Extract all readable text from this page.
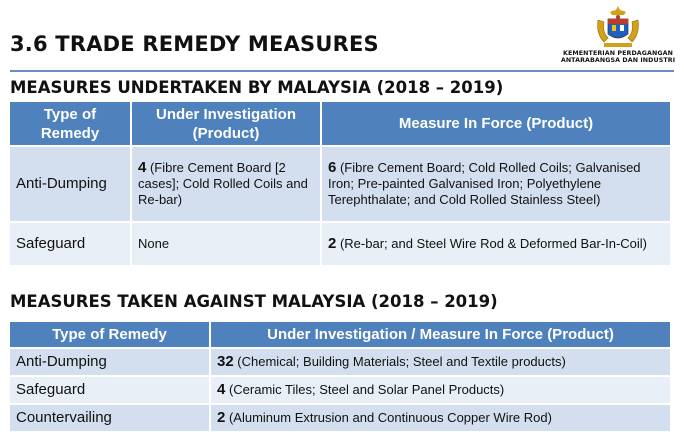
3.6 TRADE REMEDY MEASURES	KEMENTERIAN PERDAGANGAN
ANTARABANGSA DAN INDUSTRI
MEASURES UNDERTAKEN BY MALAYSIA (2018 – 2019)
Type of Remedy	Under Investigation (Product)	Measure In Force (Product)
Anti-Dumping	4 (Fibre Cement Board [2 cases]; Cold Rolled Coils and Re-bar)	6 (Fibre Cement Board; Cold Rolled Coils; Galvanised Iron; Pre-painted Galvanised Iron; Polyethylene Terephthalate; and Cold Rolled Stainless Steel)
Safeguard	None	2 (Re-bar; and Steel Wire Rod & Deformed Bar-In-Coil)
MEASURES TAKEN AGAINST MALAYSIA (2018 – 2019)
Type of Remedy	Under Investigation / Measure In Force (Product)
Anti-Dumping	32 (Chemical; Building Materials; Steel and Textile products)
Safeguard	4 (Ceramic Tiles; Steel and Solar Panel Products)
Countervailing	2 (Aluminum Extrusion and Continuous Copper Wire Rod)
